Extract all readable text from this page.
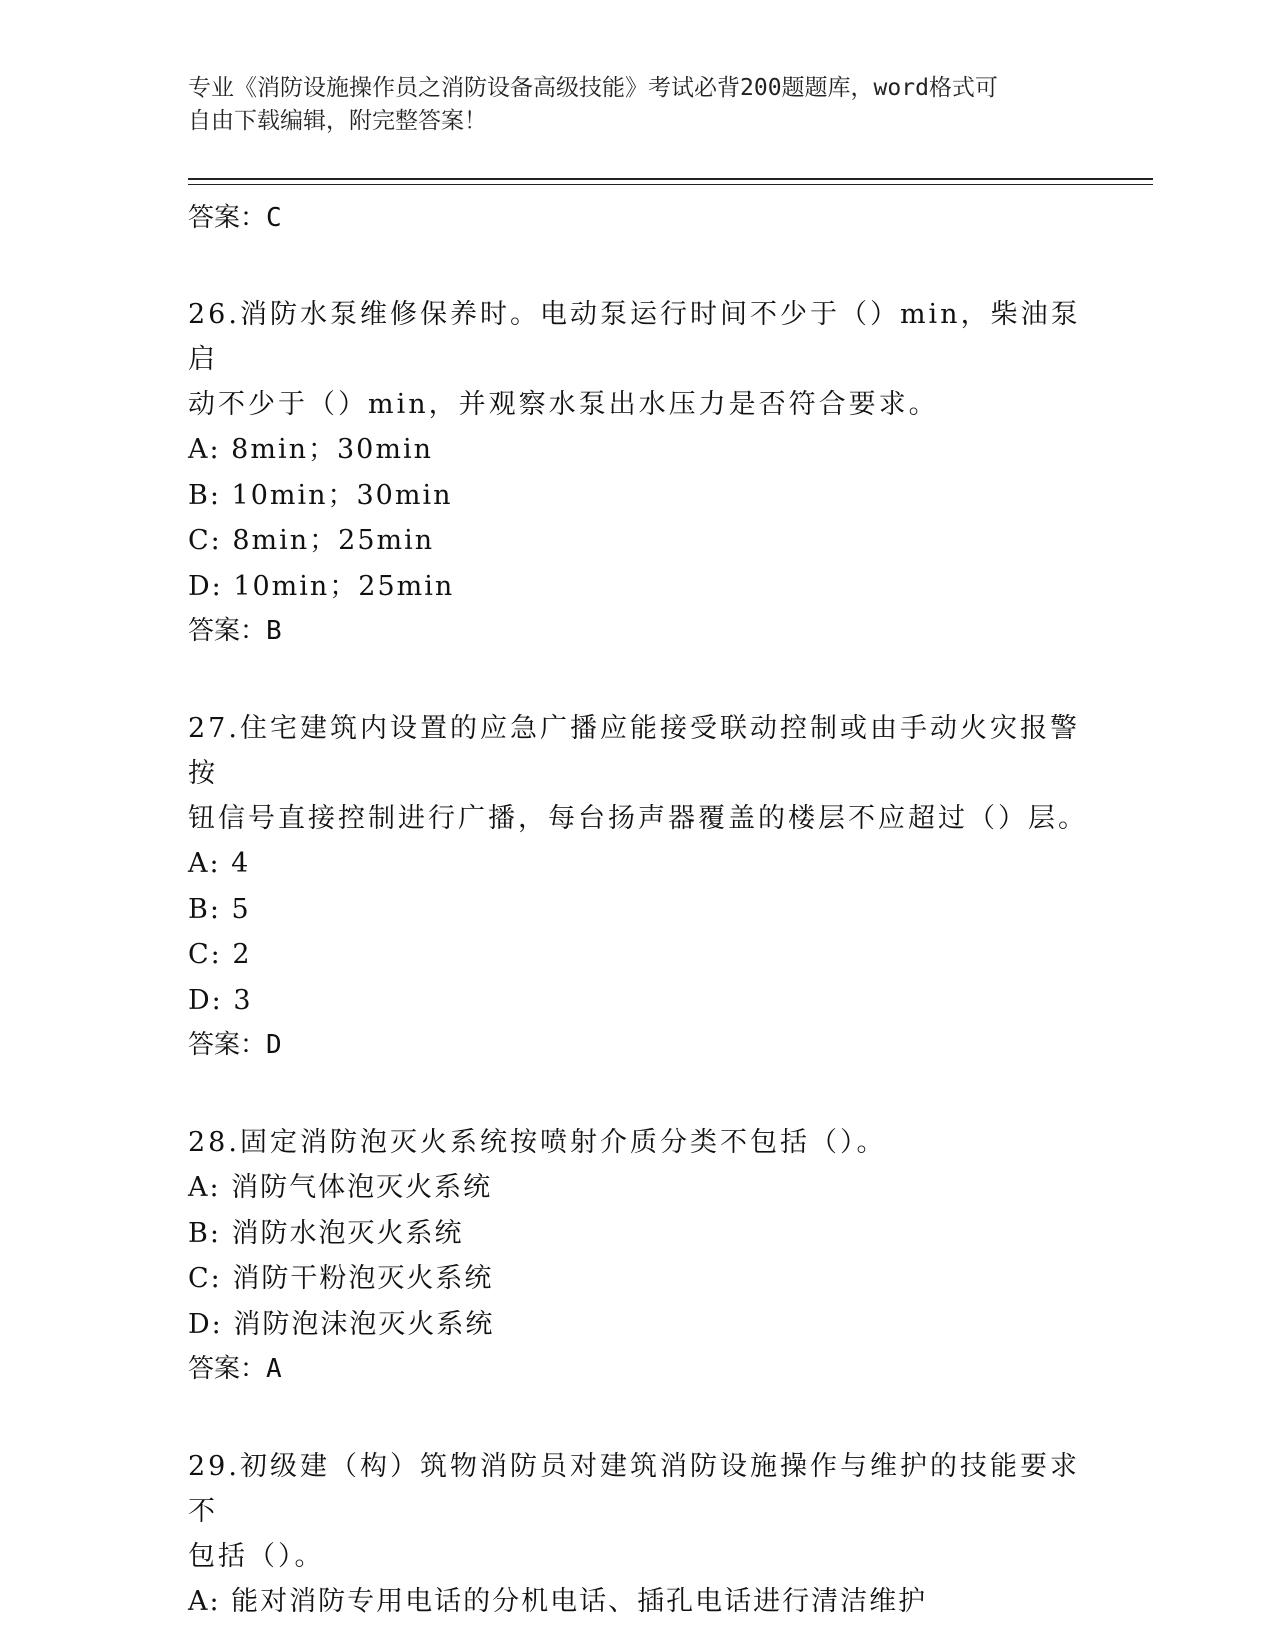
专业《消防设施操作员之消防设备高级技能》考试必背200题题库，word格式可
自由下载编辑，附完整答案！
答案：C
26.消防水泵维修保养时。电动泵运行时间不少于（）min，柴油泵启
动不少于（）min，并观察水泵出水压力是否符合要求。
A: 8min；30min
B: 10min；30min
C: 8min；25min
D: 10min；25min
答案：B
27.住宅建筑内设置的应急广播应能接受联动控制或由手动火灾报警按
钮信号直接控制进行广播，每台扬声器覆盖的楼层不应超过（）层。
A: 4
B: 5
C: 2
D: 3
答案：D
28.固定消防泡灭火系统按喷射介质分类不包括（）。
A: 消防气体泡灭火系统
B: 消防水泡灭火系统
C: 消防干粉泡灭火系统
D: 消防泡沫泡灭火系统
答案：A
29.初级建（构）筑物消防员对建筑消防设施操作与维护的技能要求不
包括（）。
A: 能对消防专用电话的分机电话、插孔电话进行清洁维护
